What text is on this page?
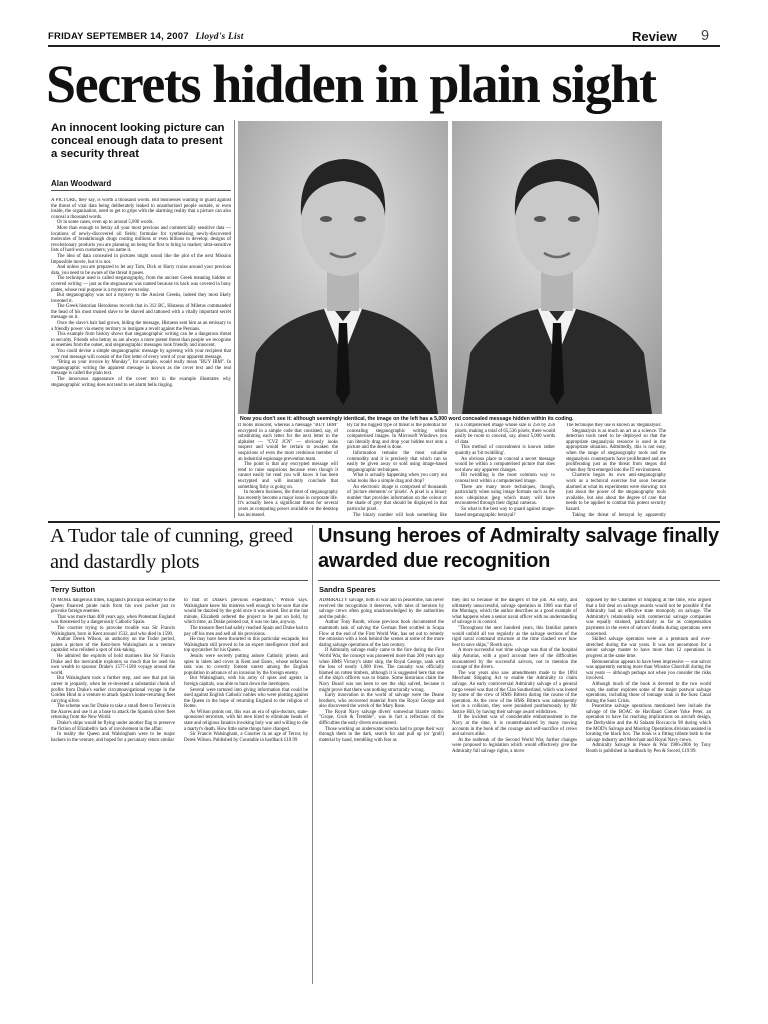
FRIDAY SEPTEMBER 14, 2007 Lloyd's List	Review 9
Secrets hidden in plain sight
An innocent looking picture can conceal enough data to present a security threat
Alan Woodward
Now you don't see it: although seemingly identical, the image on the left has a 5,000 word concealed message hidden within its coding.

A PICTURE, they say, is worth a thousand words. But businesses wanting to guard against the threat of vital data being deliberately leaked to unauthorised people outside, or even inside, the organisation, need to get to grips with the alarming reality that a picture can also conceal a thousand words.

Or in some cases, even up to around 5,000 words.

More than enough to betray all your most precious and commercially sensitive data — locations of newly-discovered oil fields; formulae for synthesising newly-discovered molecules of breakthrough drugs costing millions or even billions to develop; designs of revolutionary products you are planning on being the first to bring to market; ultra-sensitive lists of hard-won customers; you name it.

The idea of data concealed in pictures might sound like the plot of the next Mission Impossible movie, but it is not.

And unless you are prepared to let any Tom, Dick or Harry cruise around your precious data, you need to be aware of the threat it poses.

The technique used is called steganography, from the ancient Greek meaning hidden or covered writing — just as the stegosaurus was named because its back was covered in bony plates, whose real purpose is a mystery even today.

But steganography was not a mystery to the Ancient Greeks, indeed they most likely invented it.

The Greek historian Herodotus records that in 312 BC, Histaeus of Miletus commanded the head of his most trusted slave to be shaved and tattooed with a vitally important secret message on it.

Once the slave's hair had grown, hiding the message, Histaeus sent him as an emissary to a friendly power via enemy territory to instigate a revolt against the Persians.

This example from history shows that steganographic writing can be a dangerous threat to security. Friends who betray us are always a more potent threat than people we recognise as enemies from the outset, and steganographic messages look friendly and innocent.

You could devise a simple steganographic message by agreeing with your recipient that your real message will consist of the first letter of every word of your apparent message.

"Bring us your invoice by Monday", for example, would really mean "BUY IBM". In steganographic writing the apparent message is known as the cover text and the real message is called the plain text.

The innocuous appearance of the cover text in the example illustrates why steganographic writing does not tend to set alarm bells ringing.

It looks innocent, whereas a message "BUY IBM" encrypted in a simple code that consisted, say, of substituting each letter for the next letter in the alphabet — "CVZ JCN" — obviously looks suspect and would be certain to awaken the suspicions of even the most credulous member of an industrial espionage prevention team.

The point is that any encrypted message will tend to raise suspicions because even though it cannot easily be read you will know it has been encrypted and will instantly conclude that something fishy is going on.

In modern business, the threat of steganography has recently become a major issue in corporate life. It's actually been a significant threat for several years as computing power available on the desktop has increased.

By far the biggest type of threat is the potential for concealing steganographic writing within computerised images. In Microsoft Windows you can literally drag and drop your hidden text onto a picture and the deed is done.

Information remains the most valuable commodity and it is precisely that which can so easily be given away or sold using image-based steganographic techniques.

What is actually happening when you carry out what looks like a simple drag and drop?

An electronic image is comprised of thousands of 'picture elements' or 'pixels'. A pixel is a binary number that provides information on the colour or the shade of grey that should be displayed in that particular pixel.

The binary number will look something like

In a computerised image whose size is 256 by 256 pixels, making a total of 65,536 pixels, there would easily be room to conceal, say, about 5,000 words of data.

This method of concealment is known rather quaintly as 'bit twiddling'.

An obvious place to conceal a secret message would be within a computerised picture that does not show any apparent changes.

Bit twiddling is the most common way to conceal text within a computerised image.

There are many more techniques, though, particularly when using image formats such as the now ubiquitous jpeg which many will have encountered through their digital cameras.

So what is the best way to guard against image-based steganographic betrayal?

The technique they use is known as 'steganalysis'.

Steganalysis is as much an art as a science. The detection tools need to be deployed so that the appropriate steganalysis resource is used in the appropriate situation. Admittedly, this is not easy, when the range of steganography tools and the steganalysis counterparts have proliferated and are proliferating just as the threat from stegos did when they first emerged into the IT environment.

Charteris began its own anti-steganography work as a technical exercise but soon became alarmed at what its experiments were showing: not just about the power of the steganography tools available, but also about the degree of care that needs to be applied to combat this potent security hazard.

Taking the threat of betrayal by apparently

A Tudor tale of cunning, greed and dastardly plots
Terry Sutton

IN MORE dangerous times, England's principal secretary to the Queen financed pirate raids from his own pocket just to provoke foreign enemies.

That was more than 400 years ago, when Protestant England was threatened by a dangerously Catholic Spain.

The courtier trying to provoke trouble was Sir Francis Walsingham, born in Kent around 1532, and who died in 1590.

Author Derek Wilson, an authority on the Tudor period, paints a picture of the Kent-born Walsingham as a venture capitalist who relished a spot of risk-taking.

He admired the exploits of bold mariners like Sir Francis Drake and the mercantile explorers so much that he used his own wealth to sponsor Drake's 1577-1580 voyage around the world.

But Walsingham took a further step, and one that put his career in jeopardy, when he re-invested a substantial chunk of profits from Drake's earlier circumnavigational voyage in the Golden Hind in a venture to attack Spain's home-returning fleet carrying silver.

The scheme was for Drake to take a small fleet to Terceira in the Azores and use it as a base to attack the Spanish silver fleet returning from the New World.

Drake's ships would be flying under another flag to preserve the fiction of Elizabeth's lack of involvement in the affair.

In reality the Queen and Walsingham were to be major backers in the venture, and hoped for a pecuniary return similar

to that of Drake's previous expedition," Wilson says. Walsingham knew his mistress well enough to be sure that she would be dazzled by the gold once it was seized. But at the last minute, Elizabeth ordered the project to be put on hold, by which time, as Drake pointed out, it was too late, anyway.

The treasure fleet had safely reached Spain and Drake had to pay off his men and sell all his provisions.

He may have been thwarted in this particular escapade, but Walsingham still proved to be an expert intelligence chief and top spycatcher for his Queen.

Jesuits were secretly putting ashore Catholic priests and spies in inlets and coves in Kent and Essex, whose nefarious task was to covertly foment unrest among the English population in advance of an invasion by the foreign enemy.

But Walsingham, with his army of spies and agents in foreign capitals, was able to hunt down the interlopers.

Several were tortured into giving information that could be used against English Catholic nobles who were plotting against the Queen in the hope of returning England to the religion of Rome.

As Wilson points out, this was an era of spin-doctors, state-sponsored terrorism, with hit men hired to eliminate heads of state and religious fanatics invoking holy war and willing to die a martyr's death. How little some things have changed.

Sir Francis Walsingham, a Courtier in an age of Terror, by Derek Wilson. Published by Constable in hardback £18.99

Unsung heroes of Admiralty salvage finally awarded due recognition
Sandra Speares

ADMIRALTY salvage, both in war and in peacetime, has never received the recognition it deserves, with tales of heroism by salvage crews often going unacknowledged by the authorities and the public.

Author Tony Booth, whose previous book documented the mammoth task of salving the German fleet scuttled in Scapa Flow at the end of the First World War, has set out to remedy the omission with a look behind the scenes at some of the more daring salvage operations of the last century.

If Admiralty salvage really came to the fore during the First World War, the concept was pioneered more than 200 years ago when HMS Victory's sister ship, the Royal George, sank with the loss of nearly 1,000 lives. The casualty was officially blamed on rotten timbers, although it is suggested here that one of the ship's officers was to blame. Some historians claim the Navy Board was not keen to see the ship salved, because it might prove that there was nothing structurally wrong.

Early innovation in the world of salvage were the Deane brothers, who recovered material from the Royal George and also discovered the wreck of the Mary Rose.

The Royal Navy salvage divers' somewhat bizarre motto: "Grope, Grub & Tremble", was in fact a reflection of the difficulties the early divers encountered.

Those working on underwater wrecks had to grope their way through them in the dark, search for and pull up (or 'grub') material by hand, trembling with fear as

they did so because of the dangers of the job. An early, and ultimately unsuccessful, salvage operation in 1906 was that of the Montagu, which the author describes as a good example of what happens when a senior naval officer with no understanding of salvage is in control.

"Throughout the next hundred years, this familiar pattern would unfold all too regularly as the salvage sections of the rigid naval command structure at the time clashed over how best to save ships," Booth says.

A more successful war time salvage was that of the hospital ship Asturias, with a good account here of the difficulties encountered by the successful salvors, not to mention the courage of the divers.

The war years also saw amendments made to the 1894 Merchant Shipping Act to enable the Admiralty to claim salvage. An early controversial Admiralty salvage of a general cargo vessel was that of the Clan Southerland, which was looted by some of the crew of HMS Bittern during the course of the operation. As the crew of the HMS Bittern was subsequently lost in a collision, they were punished posthumously by Mr Justice Hill, by having their salvage award withdrawn.

If the incident was of considerable embarrassment to the Navy at the time, it is counterbalanced by many moving accounts in the book of the courage and self-sacrifice of crews and salvors alike.

At the outbreak of the Second World War, further changes were proposed to legislation which would effectively give the Admiralty full salvage rights, a move

opposed by the Chamber of Shipping at the time, who argued that a fair deal on salvage awards would not be possible if the Admiralty had an effective state monopoly on salvage. The Admiralty's relationship with commercial salvage companies was equally strained, particularly as far as compensation payments in the event of salvors' deaths during operations were concerned.

Skilled salvage operators were at a premium and over-stretched during the war years. It was not uncommon for a senior salvage master to have more than 12 operations in progress at the same time.

Remuneration appears to have been impressive — one salvor was apparently earning more than Winston Churchill during the war years — although perhaps not when you consider the risks involved.

Although much of the book is devoted to the two world wars, the author explores some of the major postwar salvage operations, including those of tonnage sunk in the Suez Canal during the Suez Crisis.

Peacetime salvage operations mentioned here include the salvage of the BOAC de Havilland Comet Yoke Peter, an operation to have far reaching implications on aircraft design, the Derbyshire and the Al Salaam Boccaccio 98 during which the MOD's Salvage and Mooring Operations division assisted in locating the black box. The book is a fitting tribute both to the salvage industry and Merchant and Royal Navy crews.

Admiralty Salvage in Peace & War 1906-2006 by Tony Booth is published in hardback by Pen & Sword, £19.99.
